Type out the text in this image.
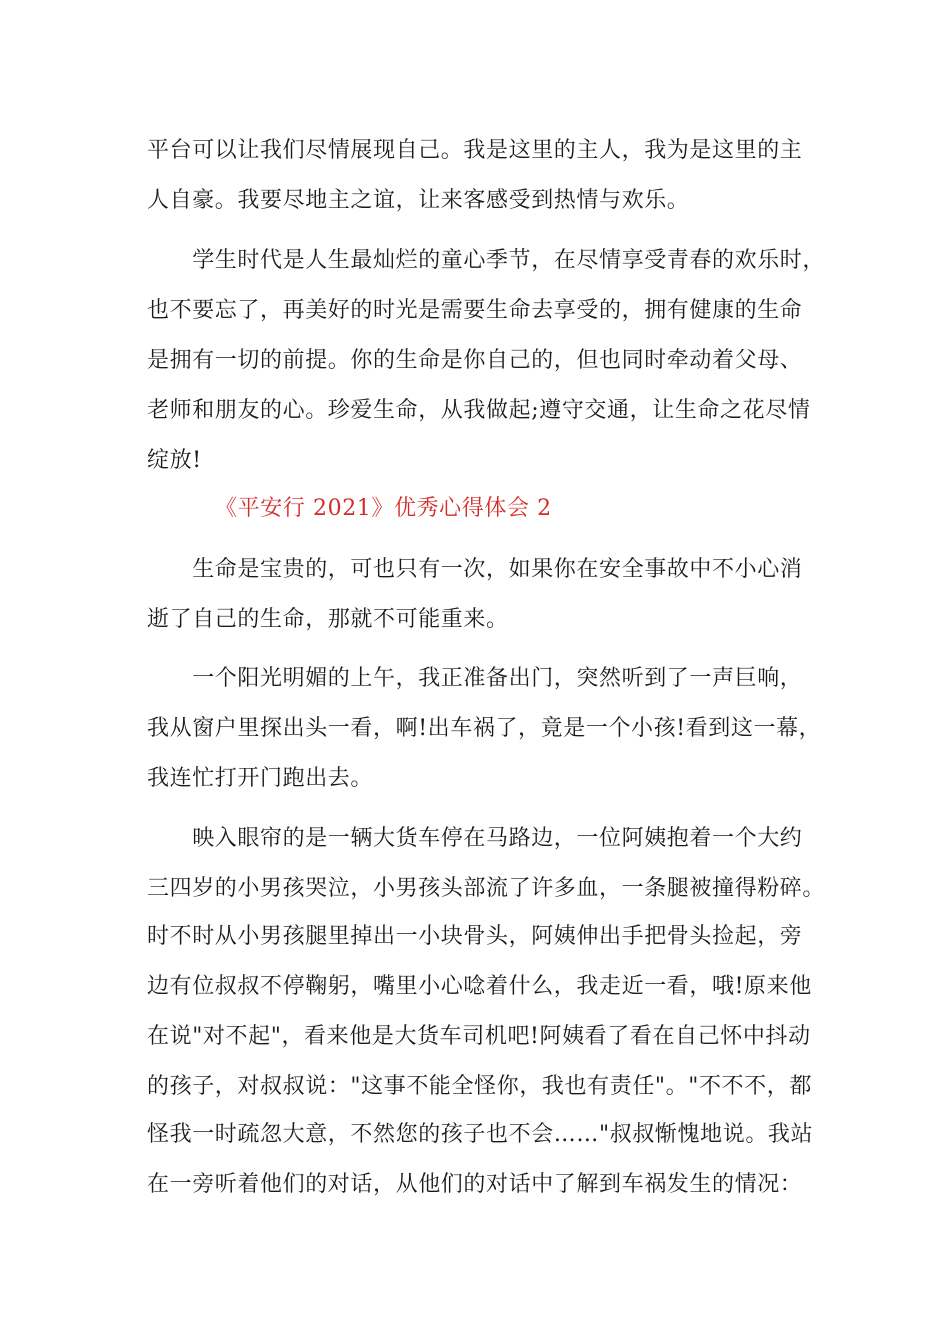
平台可以让我们尽情展现自己。我是这里的主人，我为是这里的主

人自豪。我要尽地主之谊，让来客感受到热情与欢乐。

　　学生时代是人生最灿烂的童心季节，在尽情享受青春的欢乐时，

也不要忘了，再美好的时光是需要生命去享受的，拥有健康的生命

是拥有一切的前提。你的生命是你自己的，但也同时牵动着父母、

老师和朋友的心。珍爱生命，从我做起;遵守交通，让生命之花尽情

绽放!

《平安行 2021》优秀心得体会 2

　　生命是宝贵的，可也只有一次，如果你在安全事故中不小心消

逝了自己的生命，那就不可能重来。

　　一个阳光明媚的上午，我正准备出门，突然听到了一声巨响，

我从窗户里探出头一看，啊!出车祸了，竟是一个小孩!看到这一幕，

我连忙打开门跑出去。

　　映入眼帘的是一辆大货车停在马路边，一位阿姨抱着一个大约

三四岁的小男孩哭泣，小男孩头部流了许多血，一条腿被撞得粉碎。

时不时从小男孩腿里掉出一小块骨头，阿姨伸出手把骨头捡起，旁

边有位叔叔不停鞠躬，嘴里小心唸着什么，我走近一看，哦!原来他

在说"对不起"，看来他是大货车司机吧!阿姨看了看在自己怀中抖动

的孩子，对叔叔说："这事不能全怪你，我也有责任"。"不不不，都

怪我一时疏忽大意，不然您的孩子也不会……"叔叔惭愧地说。我站

在一旁听着他们的对话，从他们的对话中了解到车祸发生的情况：
